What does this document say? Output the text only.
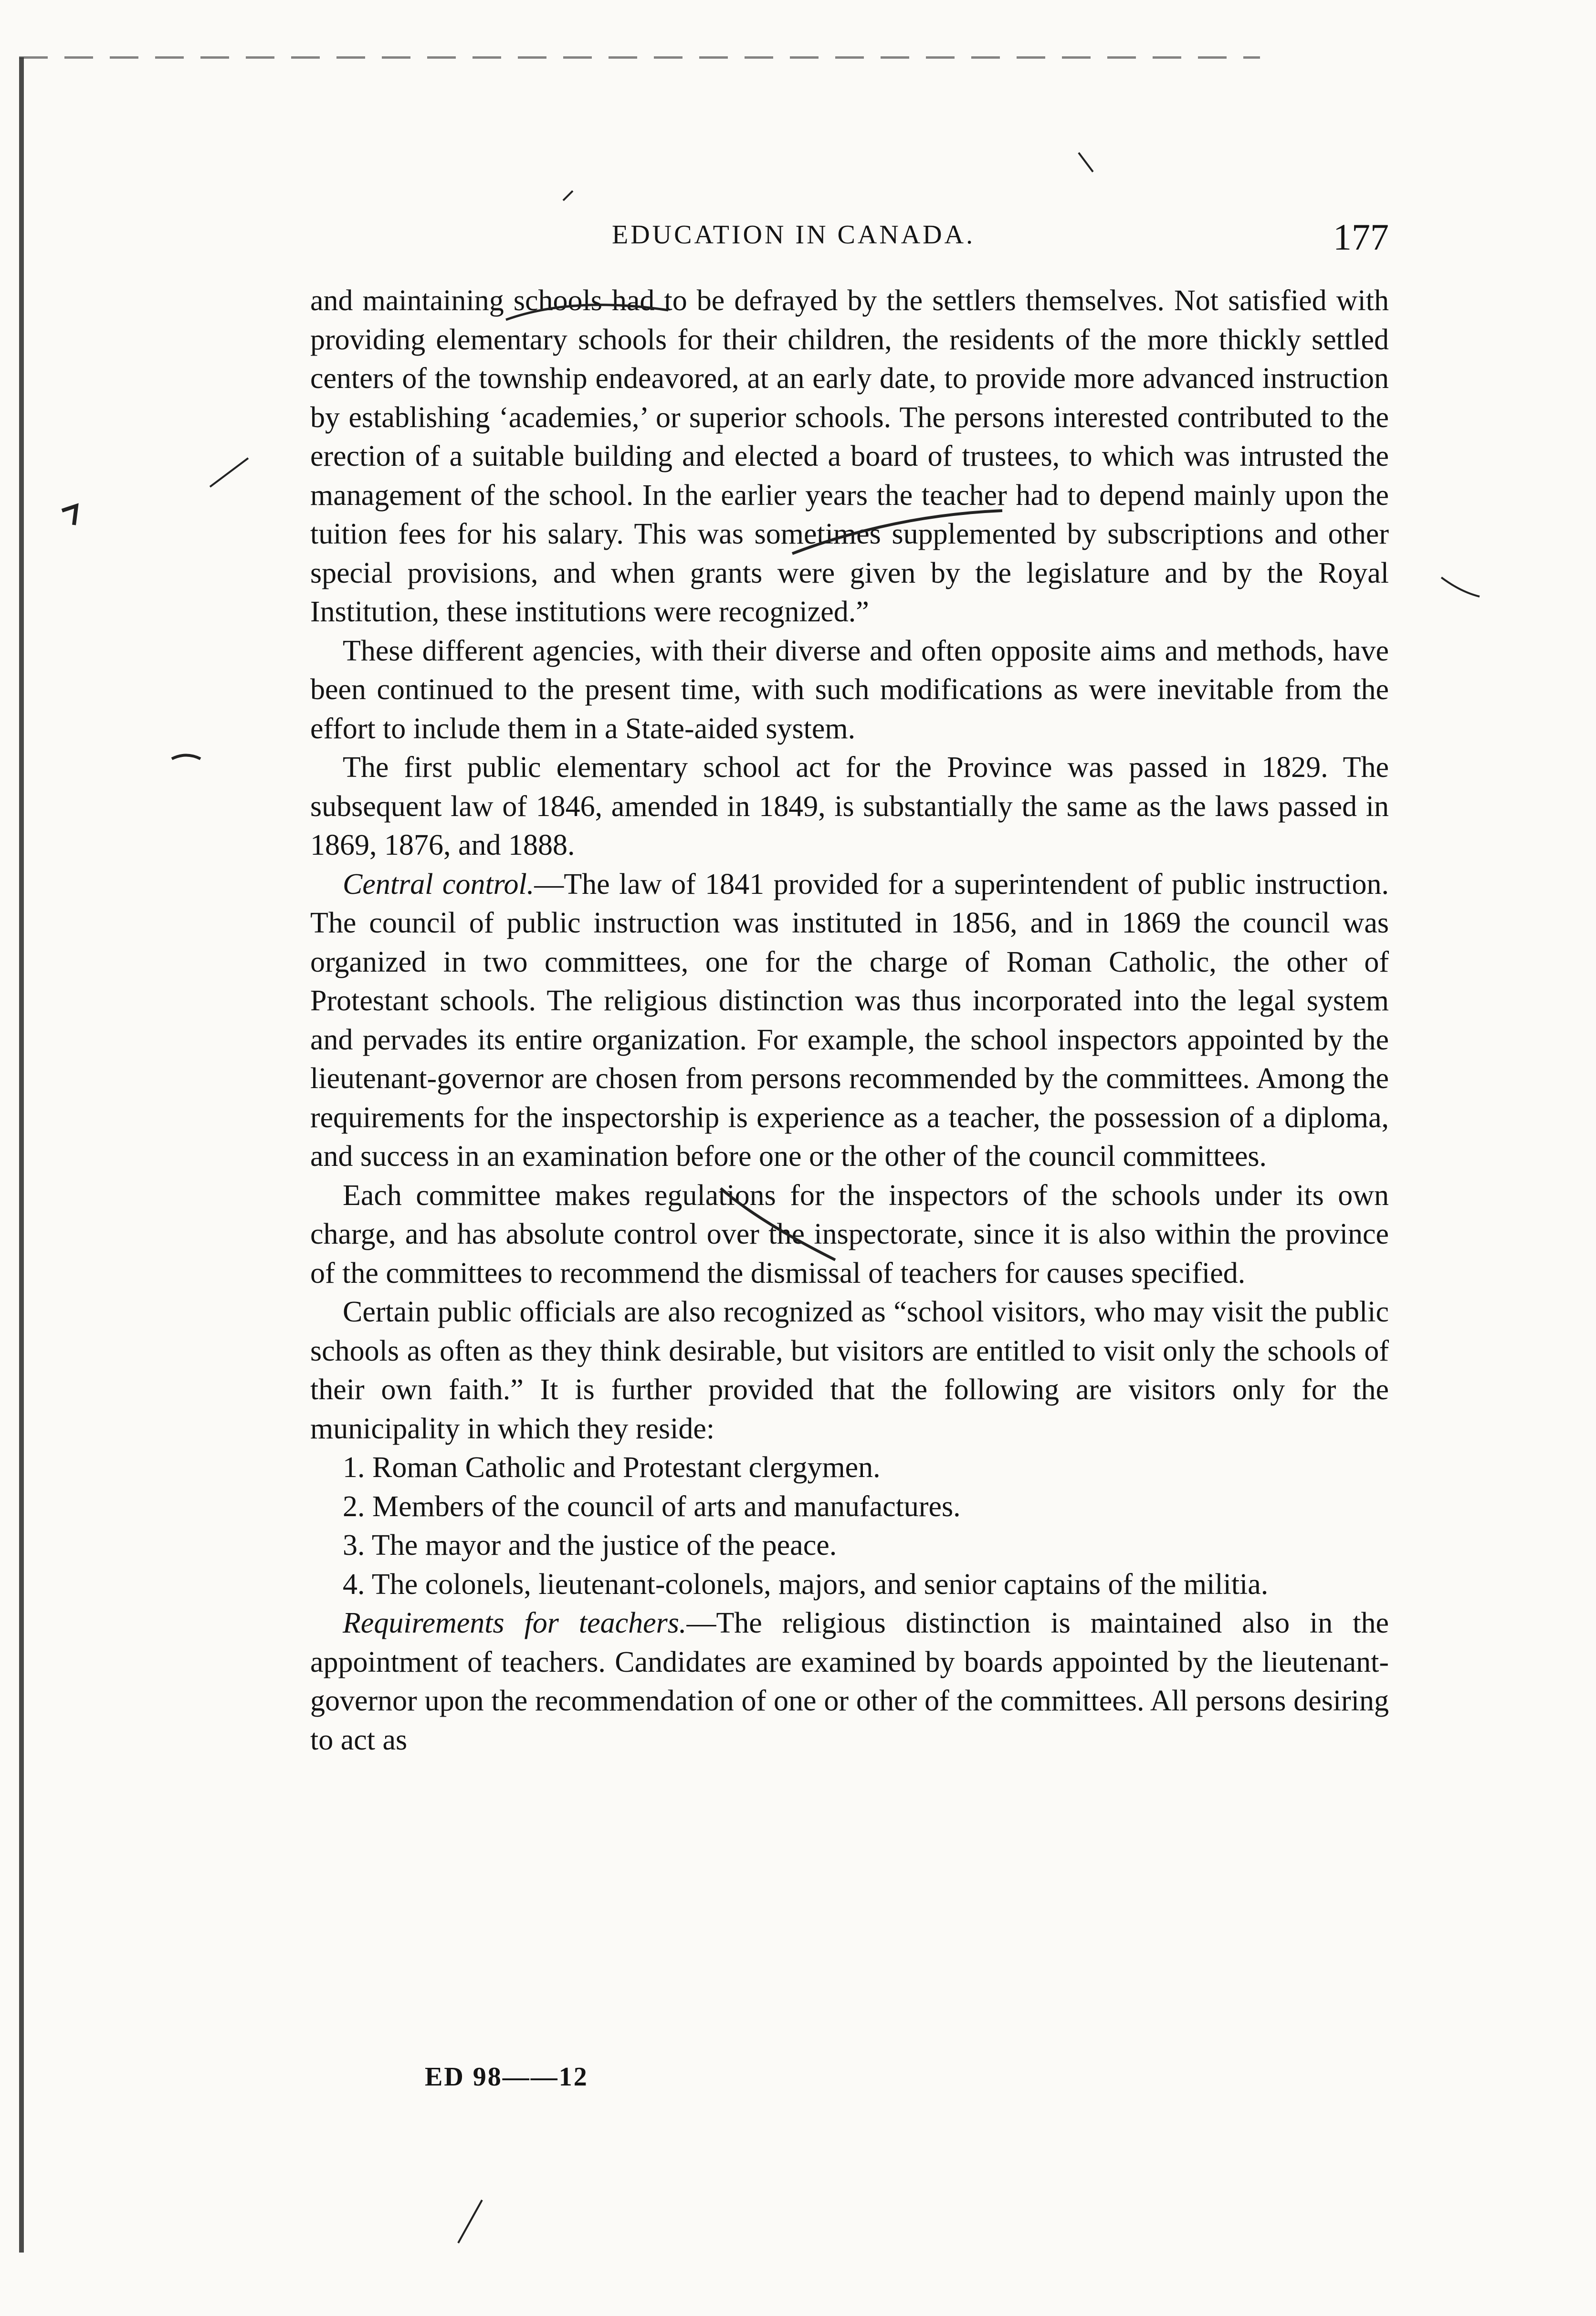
EDUCATION IN CANADA.	177

and maintaining schools had to be defrayed by the settlers themselves. Not satisfied with providing elementary schools for their children, the residents of the more thickly settled centers of the township endeavored, at an early date, to provide more advanced instruction by establishing ‘academies,’ or superior schools. The persons interested contributed to the erection of a suitable building and elected a board of trustees, to which was intrusted the management of the school. In the earlier years the teacher had to depend mainly upon the tuition fees for his salary. This was sometimes supplemented by subscriptions and other special provisions, and when grants were given by the legislature and by the Royal Institution, these institutions were recognized.”

These different agencies, with their diverse and often opposite aims and methods, have been continued to the present time, with such modifications as were inevitable from the effort to include them in a State-aided system.

The first public elementary school act for the Province was passed in 1829. The subsequent law of 1846, amended in 1849, is substantially the same as the laws passed in 1869, 1876, and 1888.

Central control.—The law of 1841 provided for a superintendent of public instruction. The council of public instruction was instituted in 1856, and in 1869 the council was organized in two committees, one for the charge of Roman Catholic, the other of Protestant schools. The religious distinction was thus incorporated into the legal system and pervades its entire organization. For example, the school inspectors appointed by the lieutenant-governor are chosen from persons recommended by the committees. Among the requirements for the inspectorship is experience as a teacher, the possession of a diploma, and success in an examination before one or the other of the council committees.

Each committee makes regulations for the inspectors of the schools under its own charge, and has absolute control over the inspectorate, since it is also within the province of the committees to recommend the dismissal of teachers for causes specified.

Certain public officials are also recognized as “school visitors, who may visit the public schools as often as they think desirable, but visitors are entitled to visit only the schools of their own faith.” It is further provided that the following are visitors only for the municipality in which they reside:

1. Roman Catholic and Protestant clergymen.

2. Members of the council of arts and manufactures.

3. The mayor and the justice of the peace.

4. The colonels, lieutenant-colonels, majors, and senior captains of the militia.

Requirements for teachers.—The religious distinction is maintained also in the appointment of teachers. Candidates are examined by boards appointed by the lieutenant-governor upon the recommendation of one or other of the committees. All persons desiring to act as

ED 98——12
